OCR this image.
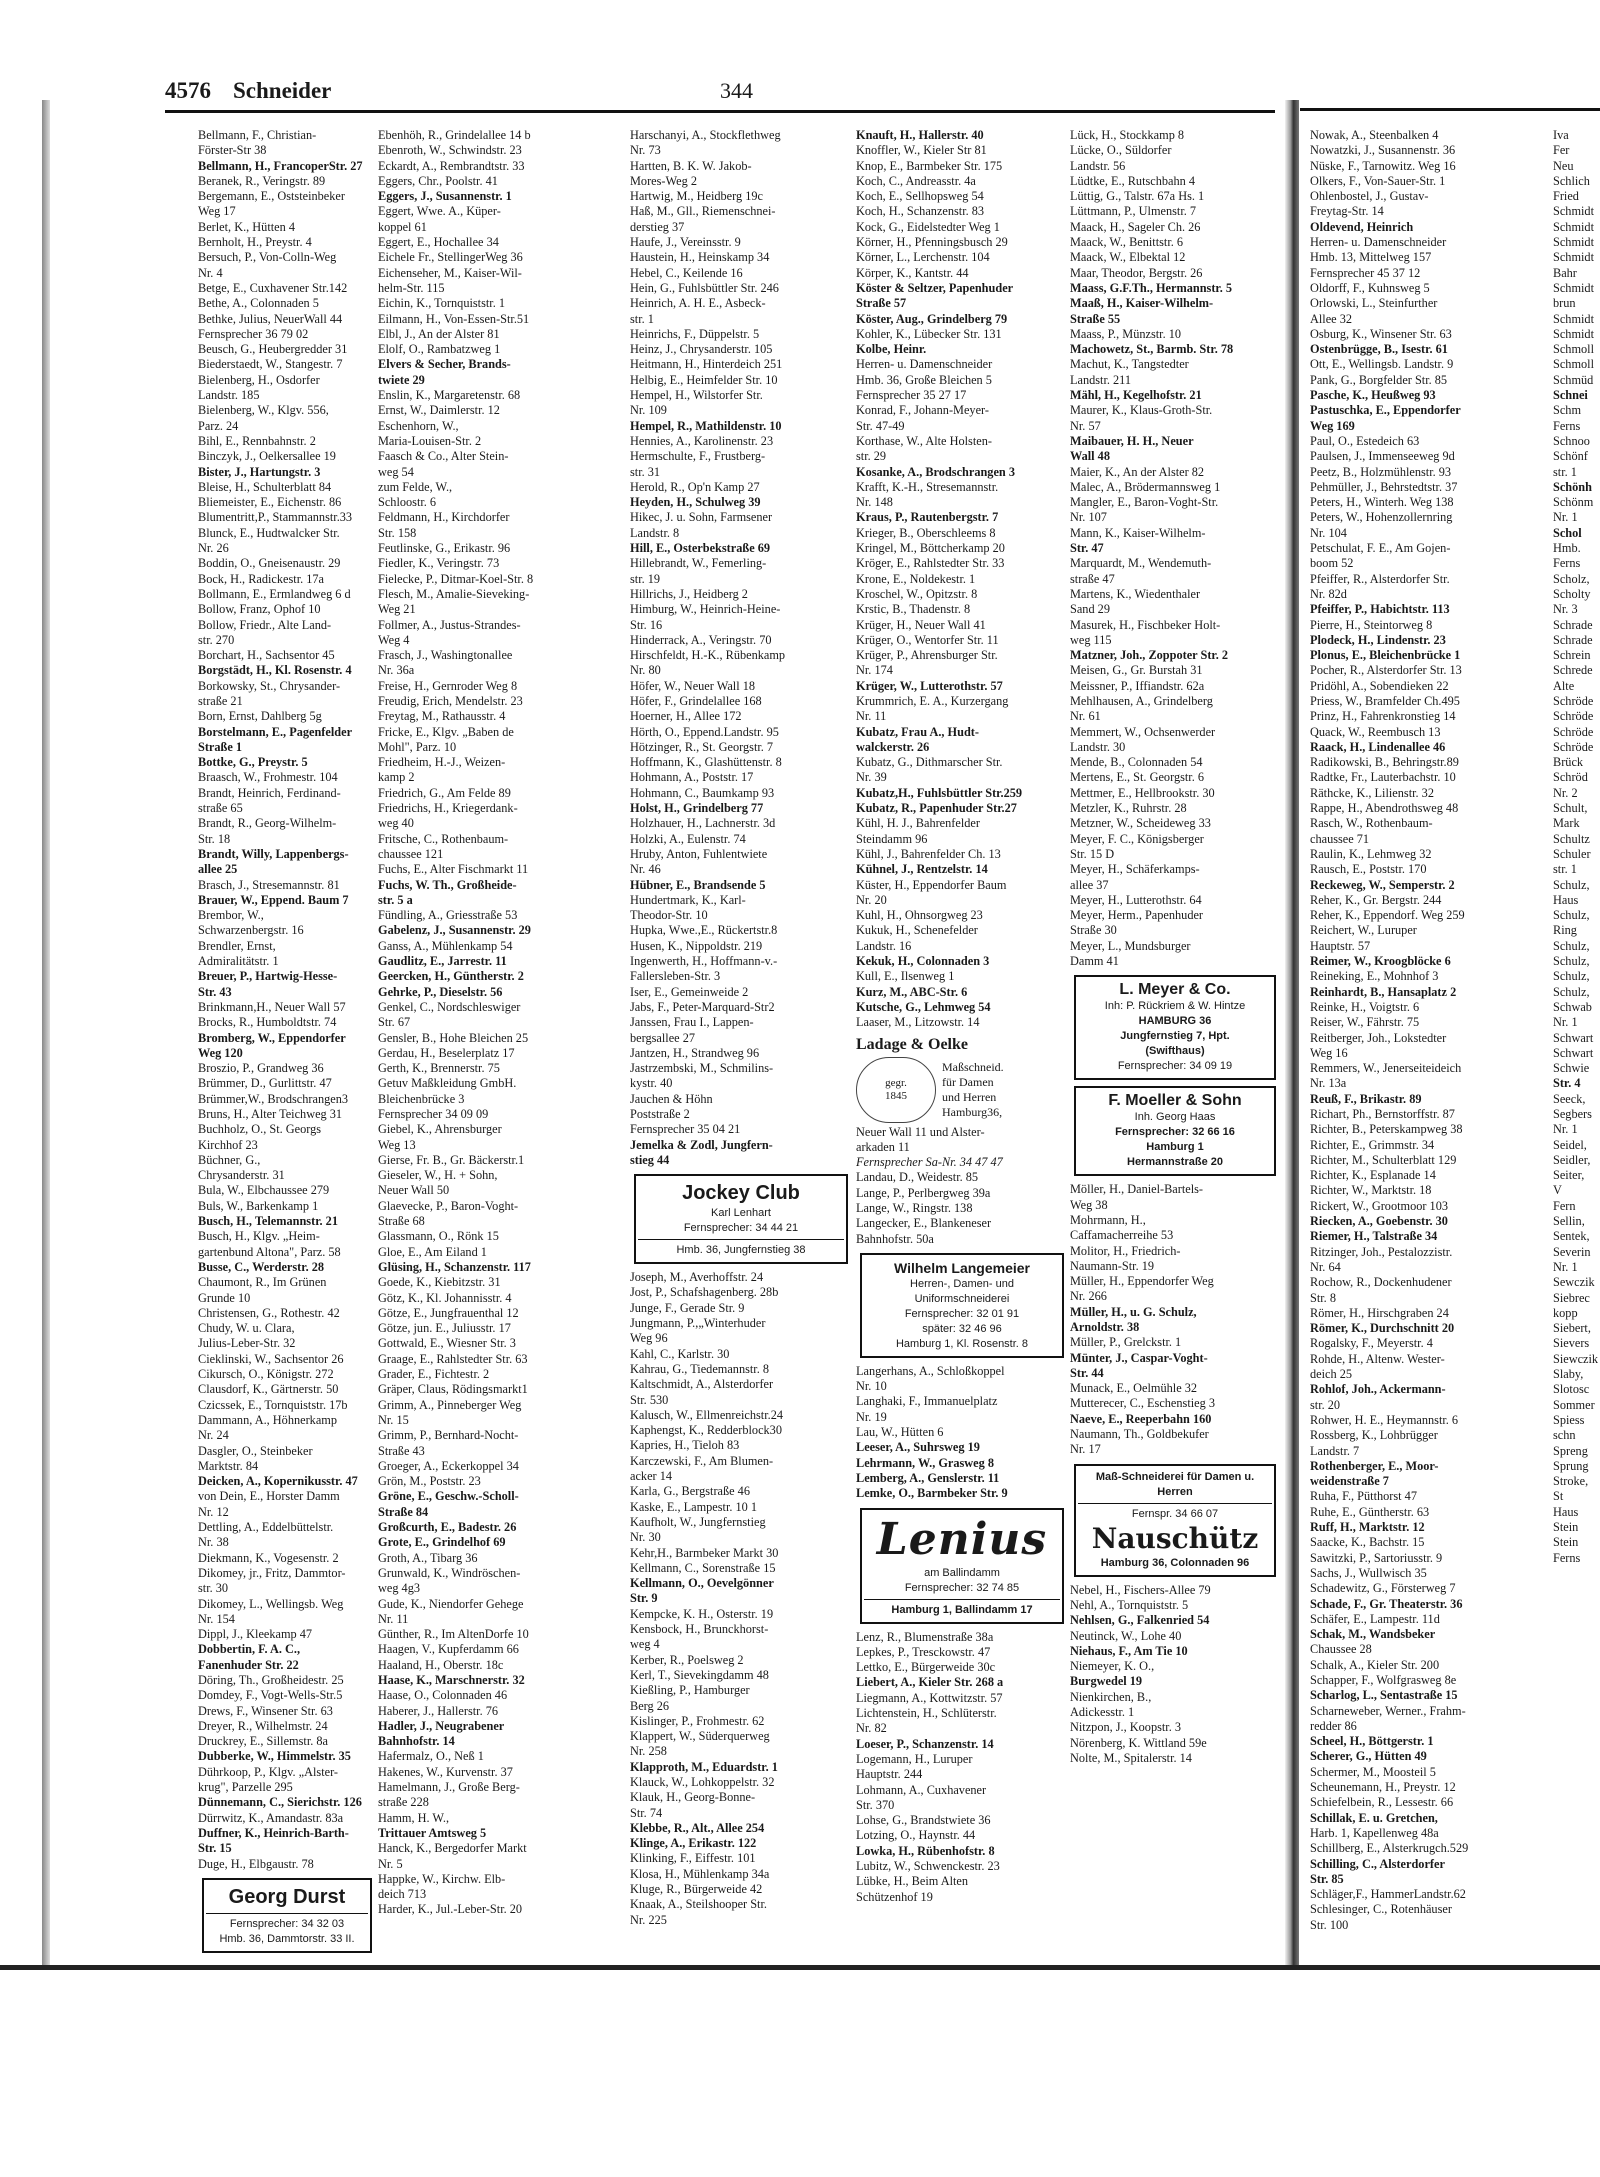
4576 Schneider	344
Bellmann, F., Christian-
Förster-Str 38
Bellmann, H., FrancoperStr. 27
Beranek, R., Veringstr. 89
Bergemann, E., Oststeinbeker
Weg 17
Berlet, K., Hütten 4
Bernholt, H., Preystr. 4
Bersuch, P., Von-Colln-Weg
Nr. 4
Betge, E., Cuxhavener Str.142
Bethe, A., Colonnaden 5
Bethke, Julius, NeuerWall 44
Fernsprecher 36 79 02
Beusch, G., Heubergredder 31
Biederstaedt, W., Stangestr. 7
Bielenberg, H., Osdorfer
Landstr. 185
Bielenberg, W., Klgv. 556,
Parz. 24
Bihl, E., Rennbahnstr. 2
Binczyk, J., Oelkersallee 19
Bister, J., Hartungstr. 3
Bleise, H., Schulterblatt 84
Bliemeister, E., Eichenstr. 86
Blumentritt,P., Stammannstr.33
Blunck, E., Hudtwalcker Str.
Nr. 26
Boddin, O., Gneisenaustr. 29
Bock, H., Radickestr. 17a
Bollmann, E., Ermlandweg 6 d
Bollow, Franz, Ophof 10
Bollow, Friedr., Alte Land-
str. 270
Borchart, H., Sachsentor 45
Borgstädt, H., Kl. Rosenstr. 4
Borkowsky, St., Chrysander-
straße 21
Born, Ernst, Dahlberg 5g
Borstelmann, E., Pagenfelder
Straße 1
Bottke, G., Preystr. 5
Braasch, W., Frohmestr. 104
Brandt, Heinrich, Ferdinand-
straße 65
Brandt, R., Georg-Wilhelm-
Str. 18
Brandt, Willy, Lappenbergs-
allee 25
Brasch, J., Stresemannstr. 81
Brauer, W., Eppend. Baum 7
Brembor, W.,
Schwarzenbergstr. 16
Brendler, Ernst,
Admiralitätstr. 1
Breuer, P., Hartwig-Hesse-
Str. 43
Brinkmann,H., Neuer Wall 57
Brocks, R., Humboldtstr. 74
Bromberg, W., Eppendorfer
Weg 120
Broszio, P., Grandweg 36
Brümmer, D., Gurlittstr. 47
Brümmer,W., Brodschrangen3
Bruns, H., Alter Teichweg 31
Buchholz, O., St. Georgs
Kirchhof 23
Büchner, G.,
Chrysanderstr. 31
Bula, W., Elbchaussee 279
Buls, W., Barkenkamp 1
Busch, H., Telemannstr. 21
Busch, H., Klgv. „Heim-
gartenbund Altona", Parz. 58
Busse, C., Werderstr. 28
Chaumont, R., Im Grünen
Grunde 10
Christensen, G., Rothestr. 42
Chudy, W. u. Clara,
Julius-Leber-Str. 32
Cieklinski, W., Sachsentor 26
Cikursch, O., Königstr. 272
Clausdorf, K., Gärtnerstr. 50
Czicssek, E., Tornquiststr. 17b
Dammann, A., Höhnerkamp
Nr. 24
Dasgler, O., Steinbeker
Marktstr. 84
Deicken, A., Kopernikusstr. 47
von Dein, E., Horster Damm
Nr. 12
Dettling, A., Eddelbüttelstr.
Nr. 38
Diekmann, K., Vogesenstr. 2
Dikomey, jr., Fritz, Dammtor-
str. 30
Dikomey, L., Wellingsb. Weg
Nr. 154
Dippl, J., Kleekamp 47
Dobbertin, F. A. C.,
Fanenhuder Str. 22
Döring, Th., Großheidestr. 25
Domdey, F., Vogt-Wells-Str.5
Drews, F., Winsener Str. 63
Dreyer, R., Wilhelmstr. 24
Druckrey, E., Sillemstr. 8a
Dubberke, W., Himmelstr. 35
Dührkoop, P., Klgv. „Alster-
krug", Parzelle 295
Dünnemann, C., Sierichstr. 126
Dürrwitz, K., Amandastr. 83a
Duffner, K., Heinrich-Barth-
Str. 15
Duge, H., Elbgaustr. 78
Georg Durst
Fernsprecher: 34 32 03
Hmb. 36, Dammtorstr. 33 II.
Ebenhöh, R., Grindelallee 14 b
Ebenroth, W., Schwindstr. 23
Eckardt, A., Rembrandtstr. 33
Eggers, Chr., Poolstr. 41
Eggers, J., Susannenstr. 1
Eggert, Wwe. A., Küper-
koppel 61
Eggert, E., Hochallee 34
Eichele Fr., StellingerWeg 36
Eichenseher, M., Kaiser-Wil-
helm-Str. 115
Eichin, K., Tornquiststr. 1
Eilmann, H., Von-Essen-Str.51
Elbl, J., An der Alster 81
Elolf, O., Rambatzweg 1
Elvers & Secher, Brands-
twiete 29
Enslin, K., Margaretenstr. 68
Ernst, W., Daimlerstr. 12
Eschenhorn, W.,
Maria-Louisen-Str. 2
Faasch & Co., Alter Stein-
weg 54
zum Felde, W.,
Schloostr. 6
Feldmann, H., Kirchdorfer
Str. 158
Feutlinske, G., Erikastr. 96
Fiedler, K., Veringstr. 73
Fielecke, P., Ditmar-Koel-Str. 8
Flesch, M., Amalie-Sieveking-
Weg 21
Follmer, A., Justus-Strandes-
Weg 4
Frasch, J., Washingtonallee
Nr. 36a
Freise, H., Gernroder Weg 8
Freudig, Erich, Mendelstr. 23
Freytag, M., Rathausstr. 4
Fricke, E., Klgv. „Baben de
Mohl", Parz. 10
Friedheim, H.-J., Weizen-
kamp 2
Friedrich, G., Am Felde 89
Friedrichs, H., Kriegerdank-
weg 40
Fritsche, C., Rothenbaum-
chaussee 121
Fuchs, E., Alter Fischmarkt 11
Fuchs, W. Th., Großheide-
str. 5 a
Fündling, A., Griesstraße 53
Gabelenz, J., Susannenstr. 29
Ganss, A., Mühlenkamp 54
Gaudlitz, E., Jarrestr. 11
Geercken, H., Güntherstr. 2
Gehrke, P., Dieselstr. 56
Genkel, C., Nordschleswiger
Str. 67
Gensler, B., Hohe Bleichen 25
Gerdau, H., Beselerplatz 17
Gerth, K., Brennerstr. 75
Getuv Maßkleidung GmbH.
Bleichenbrücke 3
Fernsprecher 34 09 09
Giebel, K., Ahrensburger
Weg 13
Gierse, Fr. B., Gr. Bäckerstr.1
Gieseler, W., H. + Sohn,
Neuer Wall 50
Glaevecke, P., Baron-Voght-
Straße 68
Glassmann, O., Rönk 15
Gloe, E., Am Eiland 1
Glüsing, H., Schanzenstr. 117
Goede, K., Kiebitzstr. 31
Götz, K., Kl. Johannisstr. 4
Götze, E., Jungfrauenthal 12
Götze, jun. E., Juliusstr. 17
Gottwald, E., Wiesner Str. 3
Graage, E., Rahlstedter Str. 63
Grader, E., Fichtestr. 2
Gräper, Claus, Rödingsmarkt1
Grimm, A., Pinneberger Weg
Nr. 15
Grimm, P., Bernhard-Nocht-
Straße 43
Groeger, A., Eckerkoppel 34
Grön, M., Poststr. 23
Gröne, E., Geschw.-Scholl-
Straße 84
Großcurth, E., Badestr. 26
Grote, E., Grindelhof 69
Groth, A., Tibarg 36
Grunwald, K., Windröschen-
weg 4g3
Gude, K., Niendorfer Gehege
Nr. 11
Günther, R., Im AltenDorfe 10
Haagen, V., Kupferdamm 66
Haaland, H., Oberstr. 18c
Haase, K., Marschnerstr. 32
Haase, O., Colonnaden 46
Haberer, J., Hallerstr. 76
Hadler, J., Neugrabener
Bahnhofstr. 14
Hafermalz, O., Neß 1
Hakenes, W., Kurvenstr. 37
Hamelmann, J., Große Berg-
straße 228
Hamm, H. W.,
Trittauer Amtsweg 5
Hanck, K., Bergedorfer Markt
Nr. 5
Happke, W., Kirchw. Elb-
deich 713
Harder, K., Jul.-Leber-Str. 20
Harschanyi, A., Stockflethweg
Nr. 73
Hartten, B. K. W. Jakob-
Mores-Weg 2
Hartwig, M., Heidberg 19c
Haß, M., Gll., Riemenschnei-
derstieg 37
Haufe, J., Vereinsstr. 9
Haustein, H., Heinskamp 34
Hebel, C., Keilende 16
Hein, G., Fuhlsbüttler Str. 246
Heinrich, A. H. E., Asbeck-
str. 1
Heinrichs, F., Düppelstr. 5
Heinz, J., Chrysanderstr. 105
Heitmann, H., Hinterdeich 251
Helbig, E., Heimfelder Str. 10
Hempel, H., Wilstorfer Str.
Nr. 109
Hempel, R., Mathildenstr. 10
Hennies, A., Karolinenstr. 23
Hermschulte, F., Frustberg-
str. 31
Herold, R., Op'n Kamp 27
Heyden, H., Schulweg 39
Hikec, J. u. Sohn, Farmsener
Landstr. 8
Hill, E., Osterbekstraße 69
Hillebrandt, W., Femerling-
str. 19
Hillrichs, J., Heidberg 2
Himburg, W., Heinrich-Heine-
Str. 16
Hinderrack, A., Veringstr. 70
Hirschfeldt, H.-K., Rübenkamp
Nr. 80
Höfer, W., Neuer Wall 18
Höfer, F., Grindelallee 168
Hoerner, H., Allee 172
Hörth, O., Eppend.Landstr. 95
Hötzinger, R., St. Georgstr. 7
Hoffmann, K., Glashüttenstr. 8
Hohmann, A., Poststr. 17
Hohmann, C., Baumkamp 93
Holst, H., Grindelberg 77
Holzhauer, H., Lachnerstr. 3d
Holzki, A., Eulenstr. 74
Hruby, Anton, Fuhlentwiete
Nr. 46
Hübner, E., Brandsende 5
Hundertmark, K., Karl-
Theodor-Str. 10
Hupka, Wwe.,E., Rückertstr.8
Husen, K., Nippoldstr. 219
Ingenwerth, H., Hoffmann-v.-
Fallersleben-Str. 3
Iser, E., Gemeinweide 2
Jabs, F., Peter-Marquard-Str2
Janssen, Frau I., Lappen-
bergsallee 27
Jantzen, H., Strandweg 96
Jastrzembski, M., Schmilins-
kystr. 40
Jauchen & Höhn
Poststraße 2
Fernsprecher 35 04 21
Jemelka & Zodl, Jungfern-
stieg 44
Jockey Club
Karl Lenhart
Fernsprecher: 34 44 21
Hmb. 36, Jungfernstieg 38
Joseph, M., Averhoffstr. 24
Jost, P., Schafshagenberg. 28b
Junge, F., Gerade Str. 9
Jungmann, P.,„Winterhuder
Weg 96
Kahl, C., Karlstr. 30
Kahrau, G., Tiedemannstr. 8
Kaltschmidt, A., Alsterdorfer
Str. 530
Kalusch, W., Ellmenreichstr.24
Kaphengst, K., Redderblock30
Kapries, H., Tieloh 83
Karczewski, F., Am Blumen-
acker 14
Karla, G., Bergstraße 46
Kaske, E., Lampestr. 10 1
Kaufholt, W., Jungfernstieg
Nr. 30
Kehr,H., Barmbeker Markt 30
Kellmann, C., Sorenstraße 15
Kellmann, O., Oevelgönner
Str. 9
Kempcke, K. H., Osterstr. 19
Kensbock, H., Brunckhorst-
weg 4
Kerber, R., Poelsweg 2
Kerl, T., Sievekingdamm 48
Kießling, P., Hamburger
Berg 26
Kislinger, P., Frohmestr. 62
Klappert, W., Süderquerweg
Nr. 258
Klapproth, M., Eduardstr. 1
Klauck, W., Lohkoppelstr. 32
Klauk, H., Georg-Bonne-
Str. 74
Klebbe, R., Alt., Allee 254
Klinge, A., Erikastr. 122
Klinking, F., Eiffestr. 101
Klosa, H., Mühlenkamp 34a
Kluge, R., Bürgerweide 42
Knaak, A., Steilshooper Str.
Nr. 225
Knauft, H., Hallerstr. 40
Knoffler, W., Kieler Str 81
Knop, E., Barmbeker Str. 175
Koch, C., Andreasstr. 4a
Koch, E., Sellhopsweg 54
Koch, H., Schanzenstr. 83
Kock, G., Eidelstedter Weg 1
Körner, H., Pfenningsbusch 29
Körner, L., Lerchenstr. 104
Körper, K., Kantstr. 44
Köster & Seltzer, Papenhuder
Straße 57
Köster, Aug., Grindelberg 79
Kohler, K., Lübecker Str. 131
Kolbe, Heinr.
Herren- u. Damenschneider
Hmb. 36, Große Bleichen 5
Fernsprecher 35 27 17
Konrad, F., Johann-Meyer-
Str. 47-49
Korthase, W., Alte Holsten-
str. 29
Kosanke, A., Brodschrangen 3
Krafft, K.-H., Stresemannstr.
Nr. 148
Kraus, P., Rautenbergstr. 7
Krieger, B., Oberschleems 8
Kringel, M., Böttcherkamp 20
Kröger, E., Rahlstedter Str. 33
Krone, E., Noldekestr. 1
Kroschel, W., Opitzstr. 8
Krstic, B., Thadenstr. 8
Krüger, H., Neuer Wall 41
Krüger, O., Wentorfer Str. 11
Krüger, P., Ahrensburger Str.
Nr. 174
Krüger, W., Lutterothstr. 57
Krummrich, E. A., Kurzergang
Nr. 11
Kubatz, Frau A., Hudt-
walckerstr. 26
Kubatz, G., Dithmarscher Str.
Nr. 39
Kubatz,H., Fuhlsbüttler Str.259
Kubatz, R., Papenhuder Str.27
Kühl, H. J., Bahrenfelder
Steindamm 96
Kühl, J., Bahrenfelder Ch. 13
Kühnel, J., Rentzelstr. 14
Küster, H., Eppendorfer Baum
Nr. 20
Kuhl, H., Ohnsorgweg 23
Kukuk, H., Schenefelder
Landstr. 16
Kekuk, H., Colonnaden 3
Kull, E., Ilsenweg 1
Kurz, M., ABC-Str. 6
Kutsche, G., Lehmweg 54
Laaser, M., Litzowstr. 14
Ladage & Oelke
gegr.
1845
Maßschneid.
für Damen
und Herren
Hamburg36,
Neuer Wall 11 und Alster-
arkaden 11
Fernsprecher Sa-Nr. 34 47 47
Landau, D., Weidestr. 85
Lange, P., Perlbergweg 39a
Lange, W., Ringstr. 138
Langecker, E., Blankeneser
Bahnhofstr. 50a
Wilhelm Langemeier
Herren-, Damen- und
Uniformschneiderei
Fernsprecher: 32 01 91
später: 32 46 96
Hamburg 1, Kl. Rosenstr. 8
Langerhans, A., Schloßkoppel
Nr. 10
Langhaki, F., Immanuelplatz
Nr. 19
Lau, W., Hütten 6
Leeser, A., Suhrsweg 19
Lehrmann, W., Grasweg 8
Lemberg, A., Genslerstr. 11
Lemke, O., Barmbeker Str. 9
Lenius
am Ballindamm
Fernsprecher: 32 74 85
Hamburg 1, Ballindamm 17
Lenz, R., Blumenstraße 38a
Lepkes, P., Tresckowstr. 47
Lettko, E., Bürgerweide 30c
Liebert, A., Kieler Str. 268 a
Liegmann, A., Kottwitzstr. 57
Lichtenstein, H., Schlüterstr.
Nr. 82
Loeser, P., Schanzenstr. 14
Logemann, H., Luruper
Hauptstr. 244
Lohmann, A., Cuxhavener
Str. 370
Lohse, G., Brandstwiete 36
Lotzing, O., Haynstr. 44
Lowka, H., Rübenhofstr. 8
Lubitz, W., Schwenckestr. 23
Lübke, H., Beim Alten
Schützenhof 19
Lück, H., Stockkamp 8
Lücke, O., Süldorfer
Landstr. 56
Lüdtke, E., Rutschbahn 4
Lüttig, G., Talstr. 67a Hs. 1
Lüttmann, P., Ulmenstr. 7
Maack, H., Sageler Ch. 26
Maack, W., Benittstr. 6
Maack, W., Elbektal 12
Maar, Theodor, Bergstr. 26
Maass, G.F.Th., Hermannstr. 5
Maaß, H., Kaiser-Wilhelm-
Straße 55
Maass, P., Münzstr. 10
Machowetz, St., Barmb. Str. 78
Machut, K., Tangstedter
Landstr. 211
Mähl, H., Kegelhofstr. 21
Maurer, K., Klaus-Groth-Str.
Nr. 57
Maibauer, H. H., Neuer
Wall 48
Maier, K., An der Alster 82
Malec, A., Brödermannsweg 1
Mangler, E., Baron-Voght-Str.
Nr. 107
Mann, K., Kaiser-Wilhelm-
Str. 47
Marquardt, M., Wendemuth-
straße 47
Martens, K., Wiedenthaler
Sand 29
Masurek, H., Fischbeker Holt-
weg 115
Matzner, Joh., Zoppoter Str. 2
Meisen, G., Gr. Burstah 31
Meissner, P., Iffiandstr. 62a
Mehlhausen, A., Grindelberg
Nr. 61
Memmert, W., Ochsenwerder
Landstr. 30
Mende, B., Colonnaden 54
Mertens, E., St. Georgstr. 6
Mettmer, E., Hellbrookstr. 30
Metzler, K., Ruhrstr. 28
Metzner, W., Scheideweg 33
Meyer, F. C., Königsberger
Str. 15 D
Meyer, H., Schäferkamps-
allee 37
Meyer, H., Lutterothstr. 64
Meyer, Herm., Papenhuder
Straße 30
Meyer, L., Mundsburger
Damm 41
L. Meyer & Co.
Inh: P. Rückriem & W. Hintze
HAMBURG 36
Jungfernstieg 7, Hpt.
(Swifthaus)
Fernsprecher: 34 09 19
F. Moeller & Sohn
Inh. Georg Haas
Fernsprecher: 32 66 16
Hamburg 1
Hermannstraße 20
Möller, H., Daniel-Bartels-
Weg 38
Mohrmann, H.,
Caffamacherreihe 53
Molitor, H., Friedrich-
Naumann-Str. 19
Müller, H., Eppendorfer Weg
Nr. 266
Müller, H., u. G. Schulz,
Arnoldstr. 38
Müller, P., Grelckstr. 1
Münter, J., Caspar-Voght-
Str. 44
Munack, E., Oelmühle 32
Mutterecer, C., Eschenstieg 3
Naeve, E., Reeperbahn 160
Naumann, Th., Goldbekufer
Nr. 17
Maß-Schneiderei für Damen u. Herren
Fernspr. 34 66 07
Nauschütz
Hamburg 36, Colonnaden 96
Nebel, H., Fischers-Allee 79
Nehl, A., Tornquiststr. 5
Nehlsen, G., Falkenried 54
Neutinck, W., Lohe 40
Niehaus, F., Am Tie 10
Niemeyer, K. O.,
Burgwedel 19
Nienkirchen, B.,
Adickesstr. 1
Nitzpon, J., Koopstr. 3
Nörenberg, K. Wittland 59e
Nolte, M., Spitalerstr. 14
Nowak, A., Steenbalken 4
Nowatzki, J., Susannenstr. 36
Nüske, F., Tarnowitz. Weg 16
Olkers, F., Von-Sauer-Str. 1
Ohlenbostel, J., Gustav-
Freytag-Str. 14
Oldevend, Heinrich
Herren- u. Damenschneider
Hmb. 13, Mittelweg 157
Fernsprecher 45 37 12
Oldorff, F., Kuhnsweg 5
Orlowski, L., Steinfurther
Allee 32
Osburg, K., Winsener Str. 63
Ostenbrügge, B., Isestr. 61
Ott, E., Wellingsb. Landstr. 9
Pank, G., Borgfelder Str. 85
Pasche, K., Heußweg 93
Pastuschka, E., Eppendorfer
Weg 169
Paul, O., Estedeich 63
Paulsen, J., Immenseeweg 9d
Peetz, B., Holzmühlenstr. 93
Pehmüller, J., Behrstedtstr. 37
Peters, H., Winterh. Weg 138
Peters, W., Hohenzollernring
Nr. 104
Petschulat, F. E., Am Gojen-
boom 52
Pfeiffer, R., Alsterdorfer Str.
Nr. 82d
Pfeiffer, P., Habichtstr. 113
Pierre, H., Steintorweg 8
Plodeck, H., Lindenstr. 23
Plonus, E., Bleichenbrücke 1
Pocher, R., Alsterdorfer Str. 13
Pridöhl, A., Sobendieken 22
Priess, W., Bramfelder Ch.495
Prinz, H., Fahrenkronstieg 14
Quack, W., Reembusch 13
Raack, H., Lindenallee 46
Radikowski, B., Behringstr.89
Radtke, Fr., Lauterbachstr. 10
Räthcke, K., Lilienstr. 32
Rappe, H., Abendrothsweg 48
Rasch, W., Rothenbaum-
chaussee 71
Raulin, K., Lehmweg 32
Rausch, E., Poststr. 170
Reckeweg, W., Semperstr. 2
Reher, K., Gr. Bergstr. 244
Reher, K., Eppendorf. Weg 259
Reichert, W., Luruper
Hauptstr. 57
Reimer, W., Kroogblöcke 6
Reineking, E., Mohnhof 3
Reinhardt, B., Hansaplatz 2
Reinke, H., Voigtstr. 6
Reiser, W., Fährstr. 75
Reitberger, Joh., Lokstedter
Weg 16
Remmers, W., Jenerseiteideich
Nr. 13a
Reuß, F., Brikastr. 89
Richart, Ph., Bernstorffstr. 87
Richter, B., Peterskampweg 38
Richter, E., Grimmstr. 34
Richter, M., Schulterblatt 129
Richter, K., Esplanade 14
Richter, W., Marktstr. 18
Rickert, W., Grootmoor 103
Riecken, A., Goebenstr. 30
Riemer, H., Talstraße 34
Ritzinger, Joh., Pestalozzistr.
Nr. 64
Rochow, R., Dockenhudener
Str. 8
Römer, H., Hirschgraben 24
Römer, K., Durchschnitt 20
Rogalsky, F., Meyerstr. 4
Rohde, H., Altenw. Wester-
deich 25
Rohlof, Joh., Ackermann-
str. 20
Rohwer, H. E., Heymannstr. 6
Rossberg, K., Lohbrügger
Landstr. 7
Rothenberger, E., Moor-
weidenstraße 7
Ruha, F., Pütthorst 47
Ruhe, E., Güntherstr. 63
Ruff, H., Marktstr. 12
Saacke, K., Bachstr. 15
Sawitzki, P., Sartoriusstr. 9
Sachs, J., Wullwisch 35
Schadewitz, G., Försterweg 7
Schade, F., Gr. Theaterstr. 36
Schäfer, E., Lampestr. 11d
Schak, M., Wandsbeker
Chaussee 28
Schalk, A., Kieler Str. 200
Schapper, F., Wolfgrasweg 8e
Scharlog, L., Sentastraße 15
Scharneweber, Werner., Frahm-
redder 86
Scheel, H., Böttgerstr. 1
Scherer, G., Hütten 49
Schermer, M., Moosteil 5
Scheunemann, H., Preystr. 12
Schiefelbein, R., Lessestr. 66
Schillak, E. u. Gretchen,
Harb. 1, Kapellenweg 48a
Schillberg, E., Alsterkrugch.529
Schilling, C., Alsterdorfer
Str. 85
Schläger,F., HammerLandstr.62
Schlesinger, C., Rotenhäuser
Str. 100
Iva
Fer
Neu
Schlich
Fried
Schmidt
Schmidt
Schmidt
Schmidt
Bahr
Schmidt
brun
Schmidt
Schmidt
Schmoll
Schmoll
Schmüd
Schnei
Schm
Ferns
Schnoo
Schönf
str. 1
Schönh
Schönm
Nr. 1
Schol
Hmb.
Ferns
Scholz,
Scholty
Nr. 3
Schrade
Schrade
Schrein
Schrede
Alte
Schröde
Schröde
Schröde
Schröde
Brück
Schröd
Nr. 2
Schult,
Mark
Schultz
Schuler
str. 1
Schulz,
Haus
Schulz,
Ring
Schulz,
Schulz,
Schulz,
Schulz,
Schwab
Nr. 1
Schwart
Schwart
Schwie
Str. 4
Seeck,
Segbers
Nr. 1
Seidel,
Seidler,
Seiter,
V
Fern
Sellin,
Sentek,
Severin
Nr. 1
Sewczik
Siebrec
kopp
Siebert,
Sievers
Siewczik
Slaby,
Slotosc
Sommer
Spiess
schn
Spreng
Sprung
Stroke,
St
Haus
Stein
Stein
Ferns
